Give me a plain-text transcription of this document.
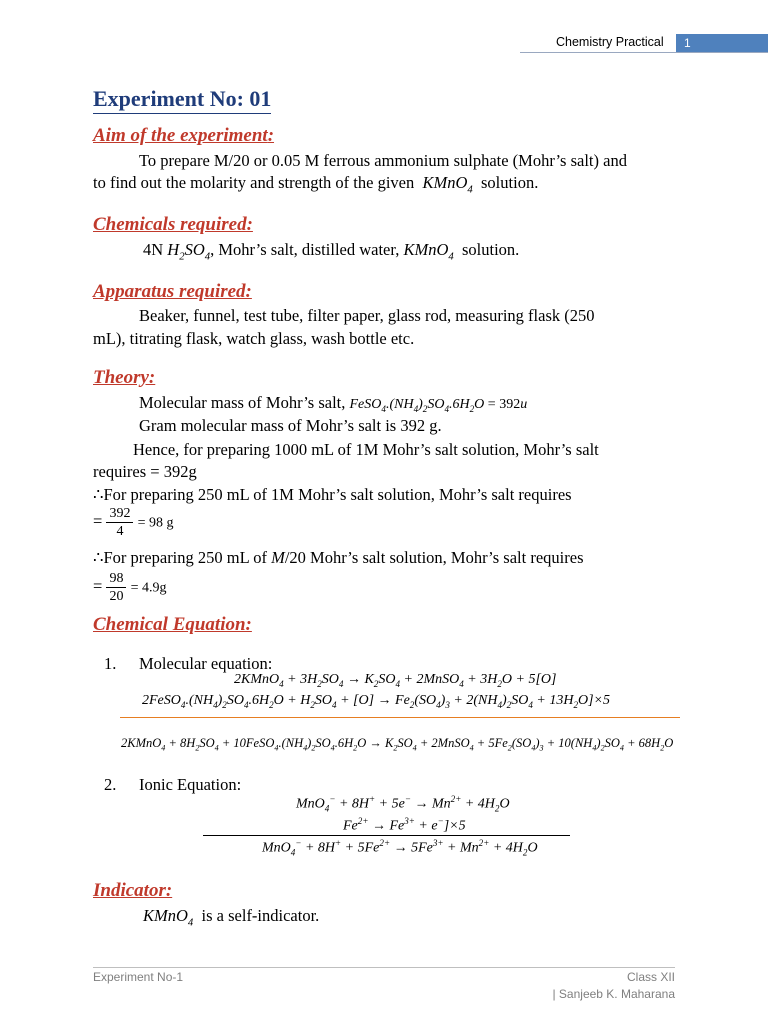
Chemistry Practical	1
Experiment No: 01
Aim of the experiment:
To prepare M/20 or 0.05 M ferrous ammonium sulphate (Mohr’s salt) and
to find out the molarity and strength of the given KMnO$_4$ solution.
Chemicals required:
4N $H_2SO_4$, Mohr’s salt, distilled water, KMnO$_4$ solution.
Apparatus required:
Beaker, funnel, test tube, filter paper, glass rod, measuring flask (250
mL), titrating flask, watch glass, wash bottle etc.
Theory:
Molecular mass of Mohr’s salt, $FeSO_4.(NH_4)_2SO_4.6H_2O = 392u$
Gram molecular mass of Mohr’s salt is 392 g.
Hence, for preparing 1000 mL of 1M Mohr’s salt solution, Mohr’s salt
requires = 392g
∴For preparing 250 mL of 1M Mohr’s salt solution, Mohr’s salt requires
= $\frac{392}{4} = 98$ g
∴For preparing 250 mL of M/20 Mohr’s salt solution, Mohr’s salt requires
= $\frac{98}{20} = 4.9g$
Chemical Equation:
1. Molecular equation:
2KMnO$_4$ + $3H_2SO_4 \to K_2SO_4$ + 2MnSO$_4$ + $3H_2O + 5[O]$
$2FeSO_4.(NH_4)_2SO_4.6H_2O + H_2SO_4 + [O] \to Fe_2(SO_4)_3 + 2(NH_4)_2SO_4 + 13H_2O]\times 5$
2KMnO$_4$ + $8H_2SO_4$ + $10FeSO_4.(NH_4)_2SO_4.6H_2O \to K_2SO_4$ + 2MnSO$_4$ + $5Fe_2(SO_4)_3 + 10(NH_4)_2SO_4 + 68H_2O$
2. Ionic Equation:
$MnO_4^- + 8H^+ + 5e^- \to Mn^{2+} + 4H_2O$
$Fe^{2+} \to Fe^{3+} + e^-]\times 5$
$MnO_4^- + 8H^+ + 5Fe^{2+} \to 5Fe^{3+} + Mn^{2+} + 4H_2O$
Indicator:
KMnO$_4$ is a self-indicator.
Experiment No-1	Class XII
| Sanjeeb K. Maharana
